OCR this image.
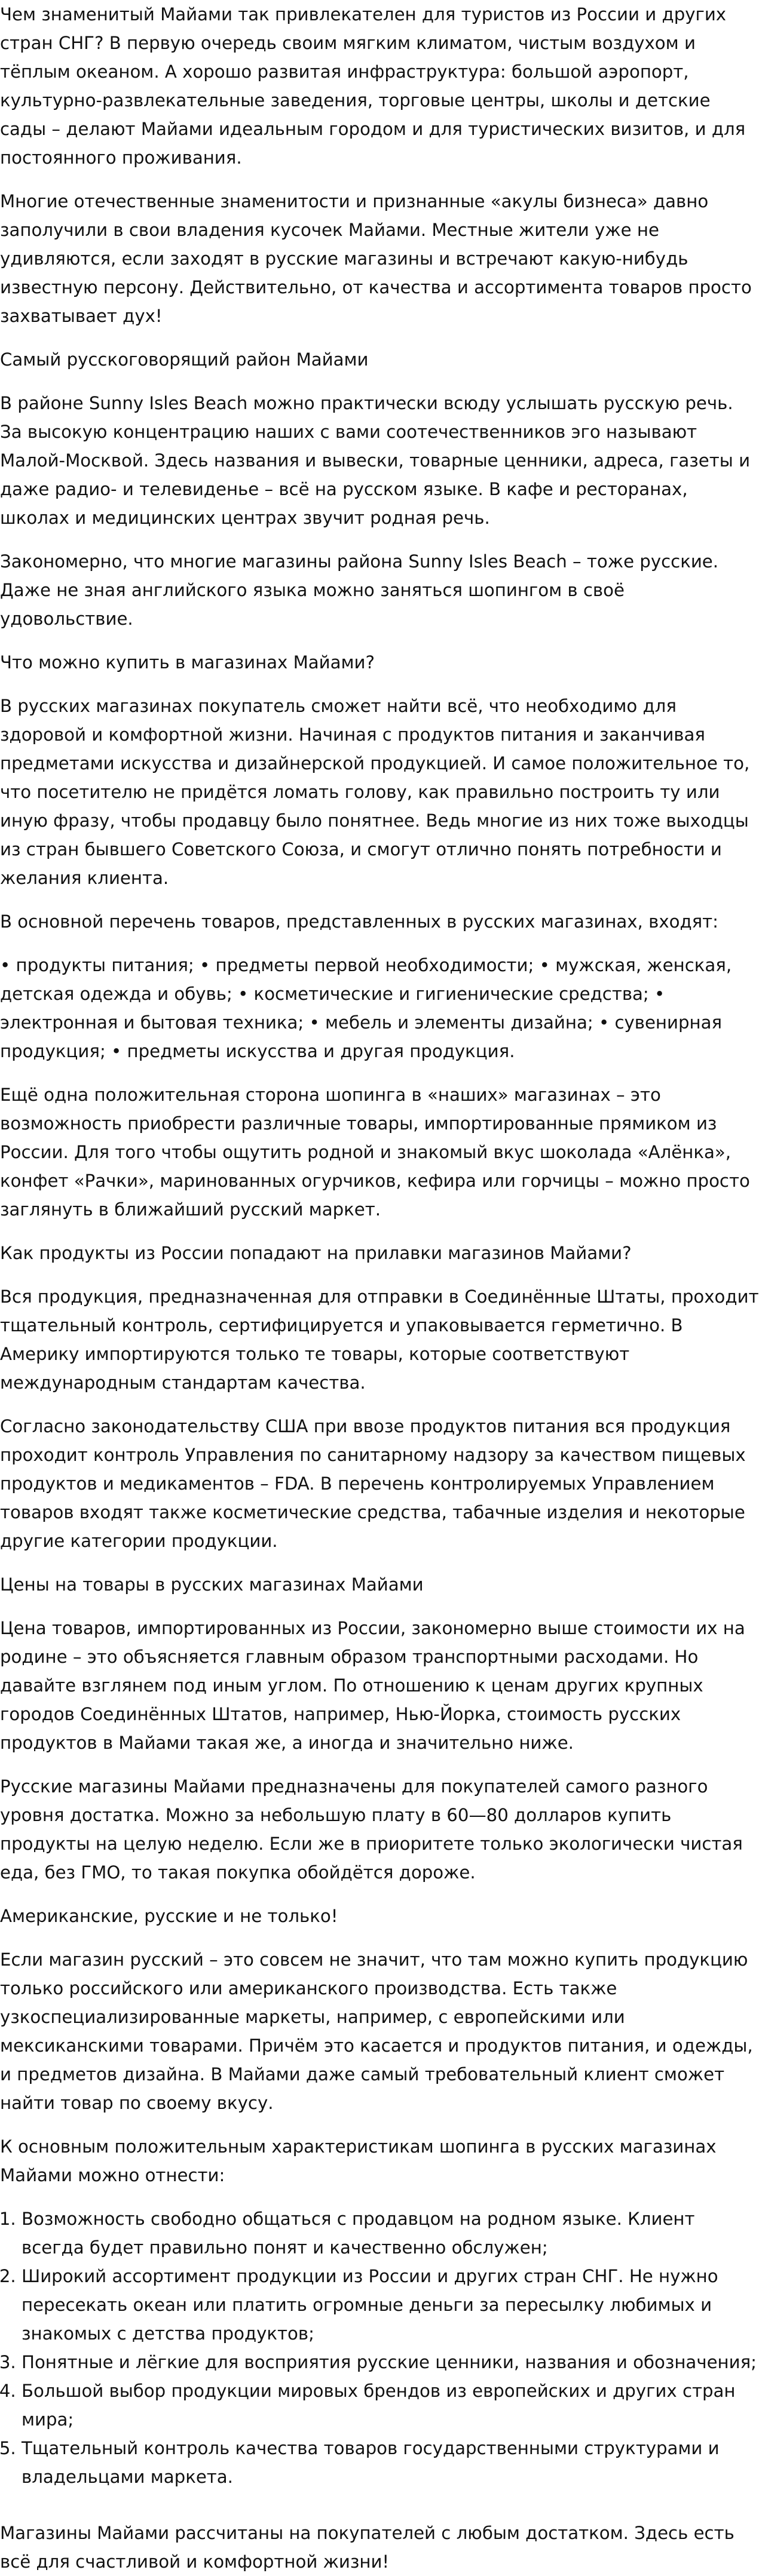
Чем знаменитый Майами так привлекателен для туристов из России и других стран СНГ? В первую очередь своим мягким климатом, чистым воздухом и тёплым океаном. А хорошо развитая инфраструктура: большой аэропорт, культурно-развлекательные заведения, торговые центры, школы и детские сады – делают Майами идеальным городом и для туристических визитов, и для постоянного проживания.

Многие отечественные знаменитости и признанные «акулы бизнеса» давно заполучили в свои владения кусочек Майами. Местные жители уже не удивляются, если заходят в русские магазины и встречают какую-нибудь известную персону. Действительно, от качества и ассортимента товаров просто захватывает дух!

Самый русскоговорящий район Майами

В районе Sunny Isles Beach можно практически всюду услышать русскую речь. За высокую концентрацию наших с вами соотечественников эго называют Малой-Москвой. Здесь названия и вывески, товарные ценники, адреса, газеты и даже радио- и телевиденье – всё на русском языке. В кафе и ресторанах, школах и медицинских центрах звучит родная речь.

Закономерно, что многие магазины района Sunny Isles Beach – тоже русские. Даже не зная английского языка можно заняться шопингом в своё удовольствие.

Что можно купить в магазинах Майами?

В русских магазинах покупатель сможет найти всё, что необходимо для здоровой и комфортной жизни. Начиная с продуктов питания и заканчивая предметами искусства и дизайнерской продукцией. И самое положительное то, что посетителю не придётся ломать голову, как правильно построить ту или иную фразу, чтобы продавцу было понятнее. Ведь многие из них тоже выходцы из стран бывшего Советского Союза, и смогут отлично понять потребности и желания клиента.

В основной перечень товаров, представленных в русских магазинах, входят:

• продукты питания; • предметы первой необходимости; • мужская, женская, детская одежда и обувь; • косметические и гигиенические средства; • электронная и бытовая техника; • мебель и элементы дизайна; • сувенирная продукция; • предметы искусства и другая продукция.

Ещё одна положительная сторона шопинга в «наших» магазинах – это возможность приобрести различные товары, импортированные прямиком из России. Для того чтобы ощутить родной и знакомый вкус шоколада «Алёнка», конфет «Рачки», маринованных огурчиков, кефира или горчицы – можно просто заглянуть в ближайший русский маркет.

Как продукты из России попадают на прилавки магазинов Майами?

Вся продукция, предназначенная для отправки в Соединённые Штаты, проходит тщательный контроль, сертифицируется и упаковывается герметично. В Америку импортируются только те товары, которые соответствуют международным стандартам качества.

Согласно законодательству США при ввозе продуктов питания вся продукция проходит контроль Управления по санитарному надзору за качеством пищевых продуктов и медикаментов – FDA. В перечень контролируемых Управлением товаров входят также косметические средства, табачные изделия и некоторые другие категории продукции.

Цены на товары в русских магазинах Майами

Цена товаров, импортированных из России, закономерно выше стоимости их на родине – это объясняется главным образом транспортными расходами. Но давайте взглянем под иным углом. По отношению к ценам других крупных городов Соединённых Штатов, например, Нью-Йорка, стоимость русских продуктов в Майами такая же, а иногда и значительно ниже.

Русские магазины Майами предназначены для покупателей самого разного уровня достатка. Можно за небольшую плату в 60—80 долларов купить продукты на целую неделю. Если же в приоритете только экологически чистая еда, без ГМО, то такая покупка обойдётся дороже.

Американские, русские и не только!

Если магазин русский – это совсем не значит, что там можно купить продукцию только российского или американского производства. Есть также узкоспециализированные маркеты, например, с европейскими или мексиканскими товарами. Причём это касается и продуктов питания, и одежды, и предметов дизайна. В Майами даже самый требовательный клиент сможет найти товар по своему вкусу.

К основным положительным характеристикам шопинга в русских магазинах Майами можно отнести:

1. Возможность свободно общаться с продавцом на родном языке. Клиент всегда будет правильно понят и качественно обслужен;
2. Широкий ассортимент продукции из России и других стран СНГ. Не нужно пересекать океан или платить огромные деньги за пересылку любимых и знакомых с детства продуктов;
3. Понятные и лёгкие для восприятия русские ценники, названия и обозначения;
4. Большой выбор продукции мировых брендов из европейских и других стран мира;
5. Тщательный контроль качества товаров государственными структурами и владельцами маркета.

Магазины Майами рассчитаны на покупателей с любым достатком. Здесь есть всё для счастливой и комфортной жизни!
